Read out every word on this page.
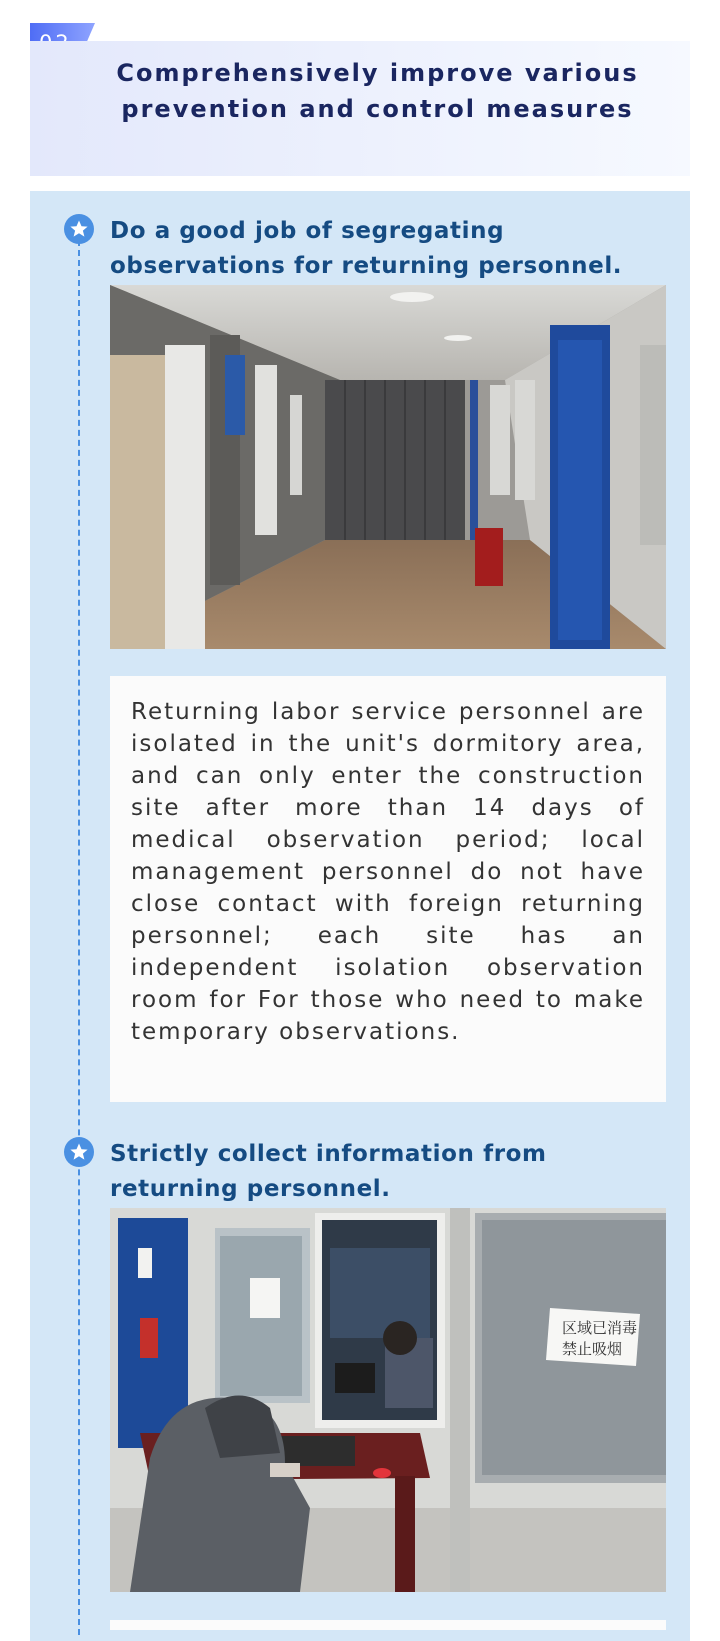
Comprehensively improve various prevention and control measures
Do a good job of segregating observations for returning personnel.

Returning labor service personnel are isolated in the unit's dormitory area, and can only enter the construction site after more than 14 days of medical observation period; local management personnel do not have close contact with foreign returning personnel; each site has an independent isolation observation room for For those who need to make temporary observations.

Strictly collect information from returning personnel.
区域已消毒
禁止吸烟
